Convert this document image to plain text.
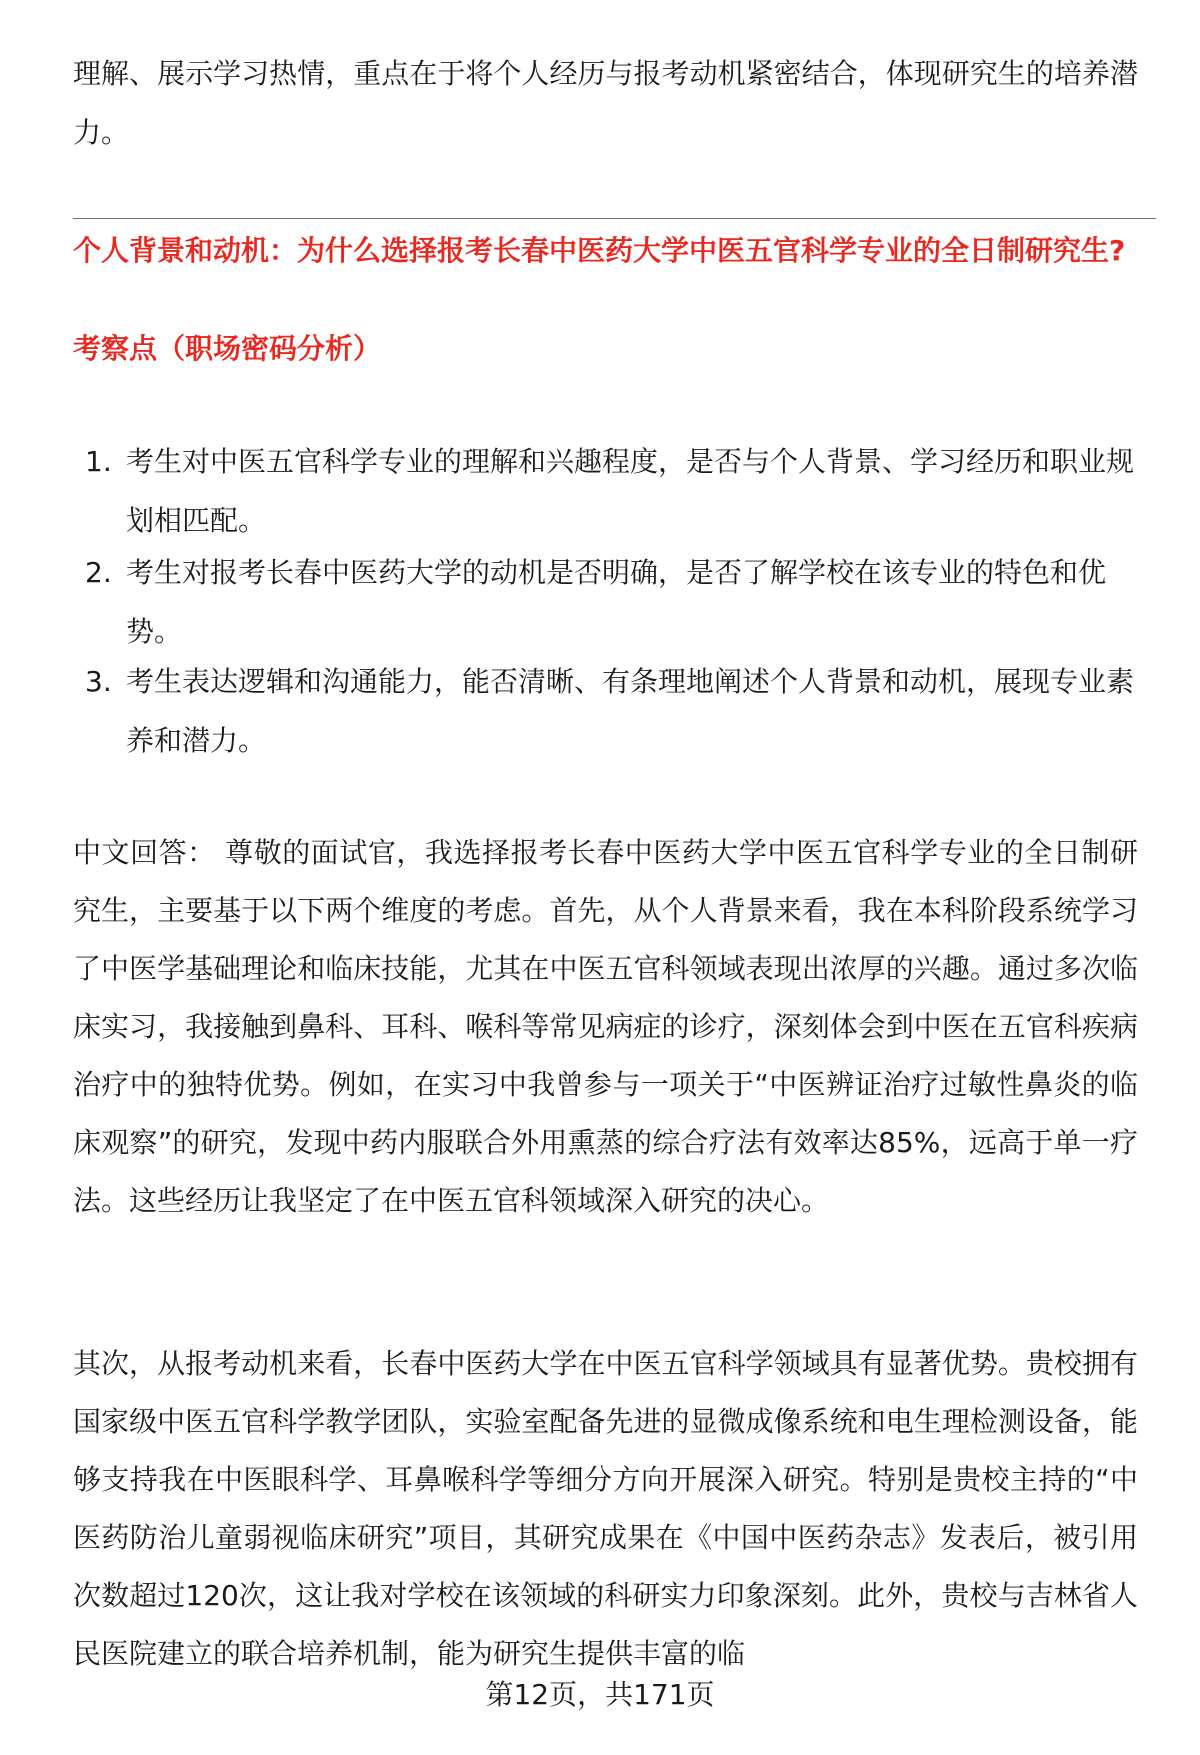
理解、展示学习热情，重点在于将个人经历与报考动机紧密结合，体现研究生的培养潜力。

个人背景和动机：为什么选择报考长春中医药大学中医五官科学专业的全日制研究生?
考察点（职场密码分析）
1. 考生对中医五官科学专业的理解和兴趣程度，是否与个人背景、学习经历和职业规划相匹配。
2. 考生对报考长春中医药大学的动机是否明确，是否了解学校在该专业的特色和优势。
3. 考生表达逻辑和沟通能力，能否清晰、有条理地阐述个人背景和动机，展现专业素养和潜力。

中文回答： 尊敬的面试官，我选择报考长春中医药大学中医五官科学专业的全日制研究生，主要基于以下两个维度的考虑。首先，从个人背景来看，我在本科阶段系统学习了中医学基础理论和临床技能，尤其在中医五官科领域表现出浓厚的兴趣。通过多次临床实习，我接触到鼻科、耳科、喉科等常见病症的诊疗，深刻体会到中医在五官科疾病治疗中的独特优势。例如，在实习中我曾参与一项关于“中医辨证治疗过敏性鼻炎的临床观察”的研究，发现中药内服联合外用熏蒸的综合疗法有效率达85%，远高于单一疗法。这些经历让我坚定了在中医五官科领域深入研究的决心。

其次，从报考动机来看，长春中医药大学在中医五官科学领域具有显著优势。贵校拥有国家级中医五官科学教学团队，实验室配备先进的显微成像系统和电生理检测设备，能够支持我在中医眼科学、耳鼻喉科学等细分方向开展深入研究。特别是贵校主持的“中医药防治儿童弱视临床研究”项目，其研究成果在《中国中医药杂志》发表后，被引用次数超过120次，这让我对学校在该领域的科研实力印象深刻。此外，贵校与吉林省人民医院建立的联合培养机制，能为研究生提供丰富的临

第12页，共171页
